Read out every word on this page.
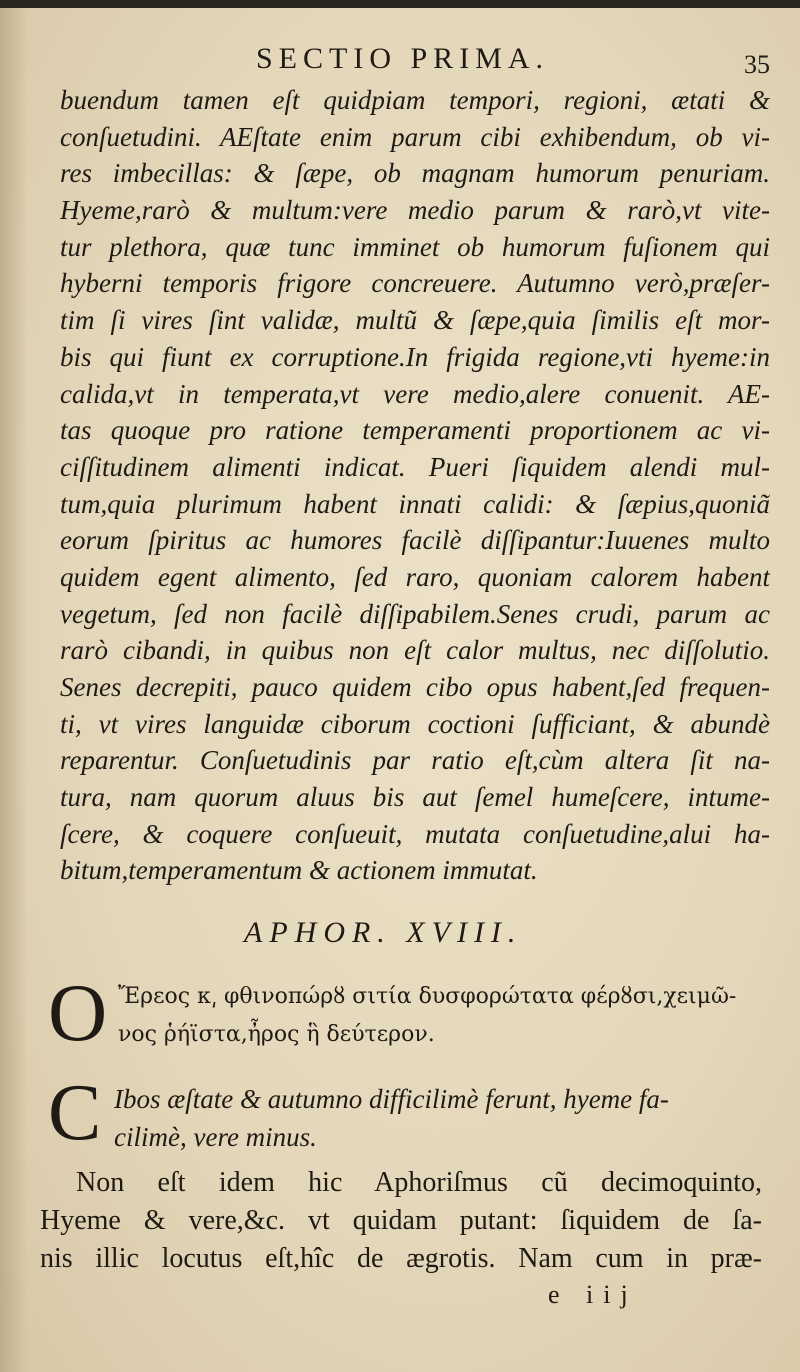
SECTIO PRIMA.	35
buendum tamen eſt quidpiam tempori, regioni, ætati &
conſuetudini. AEſtate enim parum cibi exhibendum, ob vi-
res imbecillas: & ſæpe, ob magnam humorum penuriam.
Hyeme,rarò & multum:vere medio parum & rarò,vt vite-
tur plethora, quæ tunc imminet ob humorum fuſionem qui
hyberni temporis frigore concreuere. Autumno verò,præſer-
tim ſi vires ſint validæ, multũ & ſæpe,quia ſimilis eſt mor-
bis qui fiunt ex corruptione.In frigida regione,vti hyeme:in
calida,vt in temperata,vt vere medio,alere conuenit. AE-
tas quoque pro ratione temperamenti proportionem ac vi-
ciſſitudinem alimenti indicat. Pueri ſiquidem alendi mul-
tum,quia plurimum habent innati calidi: & ſæpius,quoniã
eorum ſpiritus ac humores facilè diſſipantur:Iuuenes multo
quidem egent alimento, ſed raro, quoniam calorem habent
vegetum, ſed non facilè diſſipabilem.Senes crudi, parum ac
rarò cibandi, in quibus non eſt calor multus, nec diſſolutio.
Senes decrepiti, pauco quidem cibo opus habent,ſed frequen-
ti, vt vires languidæ ciborum coctioni ſufficiant, & abundè
reparentur. Conſuetudinis par ratio eſt,cùm altera ſit na-
tura, nam quorum aluus bis aut ſemel humeſcere, intume-
ſcere, & coquere conſueuit, mutata conſuetudine,alui ha-
bitum,temperamentum & actionem immutat.
APHOR. XVIII.
O Ἔρεος κ͵ φθινοπώρȣ σιτία δυσφορώτατα φέρȣσι,χειμῶ-
νος ῥήϊστα,ἦρος ἣ δεύτερον.
C Ibos æſtate & autumno difficilimè ferunt, hyeme fa-
cilimè, vere minus.
Non eſt idem hic Aphoriſmus cũ decimoquinto,
Hyeme & vere,&c. vt quidam putant: ſiquidem de ſa-
nis illic locutus eſt,hîc de ægrotis. Nam cum in præ-
e iij
